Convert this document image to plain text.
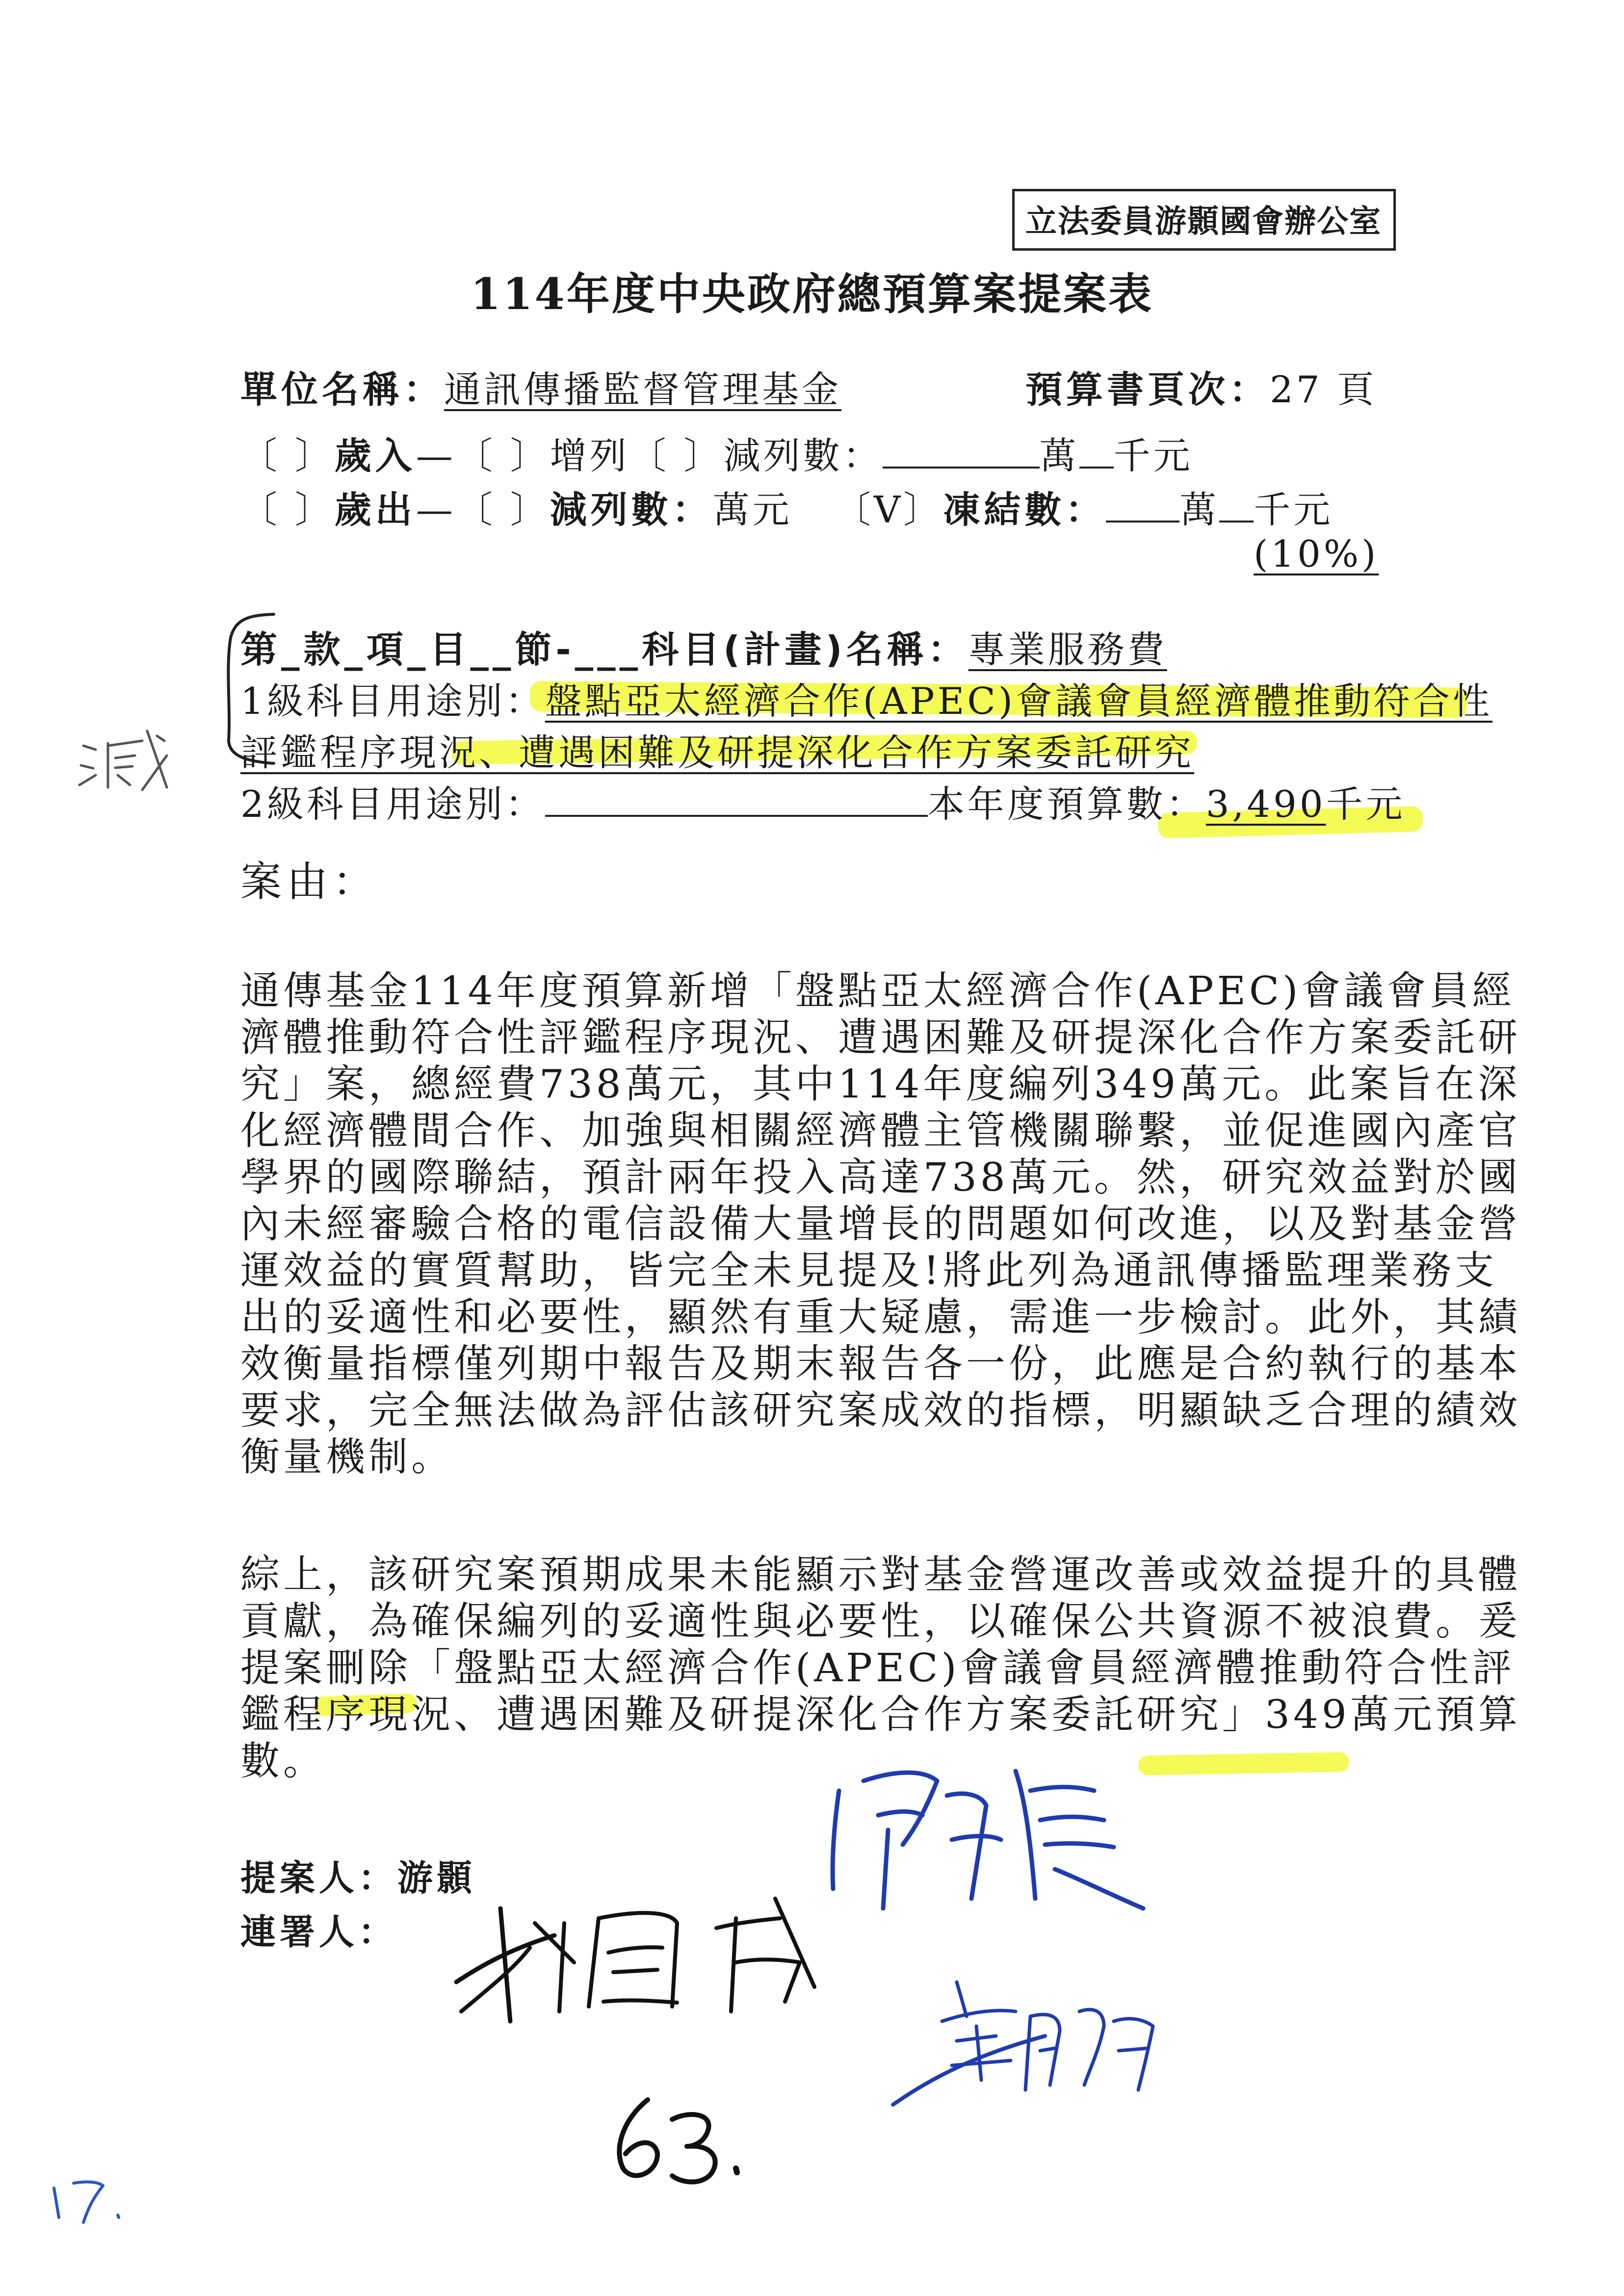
立法委員游顥國會辦公室
114年度中央政府總預算案提案表
單位名稱：通訊傳播監督管理基金	預算書頁次：27 頁
〔 〕歲入—〔 〕增列〔 〕減列數：	萬 千元
〔 〕歲出—〔 〕減列數：萬元 〔V〕凍結數： 萬 千元
(10%)
第_款_項_目__節-___科目(計畫)名稱：專業服務費
1級科目用途別：盤點亞太經濟合作(APEC)會議會員經濟體推動符合性
評鑑程序現況、遭遇困難及研提深化合作方案委託研究
2級科目用途別：	本年度預算數：3,490千元
案由：
通傳基金114年度預算新增「盤點亞太經濟合作(APEC)會議會員經
濟體推動符合性評鑑程序現況、遭遇困難及研提深化合作方案委託研
究」案，總經費738萬元，其中114年度編列349萬元。此案旨在深
化經濟體間合作、加強與相關經濟體主管機關聯繫，並促進國內產官
學界的國際聯結，預計兩年投入高達738萬元。然，研究效益對於國
內未經審驗合格的電信設備大量增長的問題如何改進，以及對基金營
運效益的實質幫助，皆完全未見提及!將此列為通訊傳播監理業務支
出的妥適性和必要性，顯然有重大疑慮，需進一步檢討。此外，其績
效衡量指標僅列期中報告及期末報告各一份，此應是合約執行的基本
要求，完全無法做為評估該研究案成效的指標，明顯缺乏合理的績效
衡量機制。
綜上，該研究案預期成果未能顯示對基金營運改善或效益提升的具體
貢獻，為確保編列的妥適性與必要性，以確保公共資源不被浪費。爰
提案刪除「盤點亞太經濟合作(APEC)會議會員經濟體推動符合性評
鑑程序現況、遭遇困難及研提深化合作方案委託研究」349萬元預算
數。
提案人：游顥
連署人：
